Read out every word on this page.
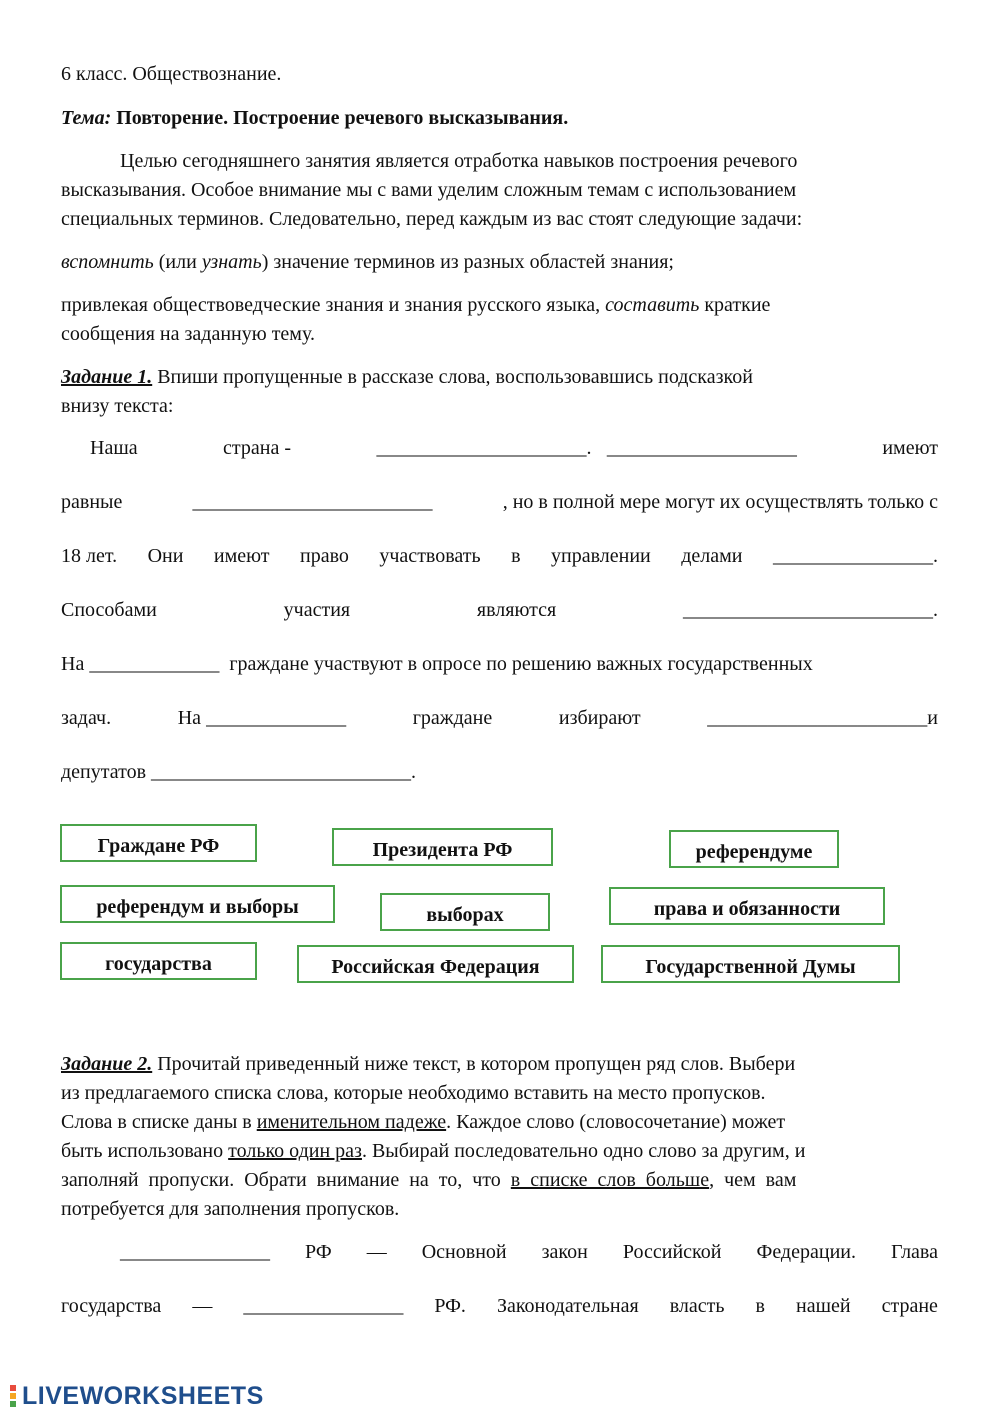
6 класс. Обществознание.
Тема: Повторение. Построение речевого высказывания.
Целью сегодняшнего занятия является отработка навыков построения речевого
высказывания. Особое внимание мы с вами уделим сложным темам с использованием
специальных терминов. Следовательно, перед каждым из вас стоят следующие задачи:
вспомнить (или узнать) значение терминов из разных областей знания;
привлекая обществоведческие знания и знания русского языка, составить краткие
сообщения на заданную тему.
Задание 1. Впиши пропущенные в рассказе слова, воспользовавшись подсказкой
внизу текста:
Наша	страна -	_____________________. ___________________	имеют
равные	________________________	, но в полной мере могут их осуществлять только с
18 лет. Они имеют право участвовать в управлении делами ________________.
Способами	участия	являются	_________________________.
На _____________ граждане участвуют в опросе по решению важных государственных
задач.	На ______________	граждане	избирают	______________________и
депутатов __________________________.
Граждане РФ	Президента РФ	референдуме
референдум и выборы	выборах	права и обязанности
государства	Российская Федерация	Государственной Думы
Задание 2. Прочитай приведенный ниже текст, в котором пропущен ряд слов. Выбери
из предлагаемого списка слова, которые необходимо вставить на место пропусков.
Слова в списке даны в именительном падеже. Каждое слово (словосочетание) может
быть использовано только один раз. Выбирай последовательно одно слово за другим, и
заполняй пропуски. Обрати внимание на то, что в списке слов больше, чем вам
потребуется для заполнения пропусков.
_______________ РФ — Основной закон Российской Федерации. Глава
государства — ________________ РФ. Законодательная власть в нашей стране
LIVEWORKSHEETS
